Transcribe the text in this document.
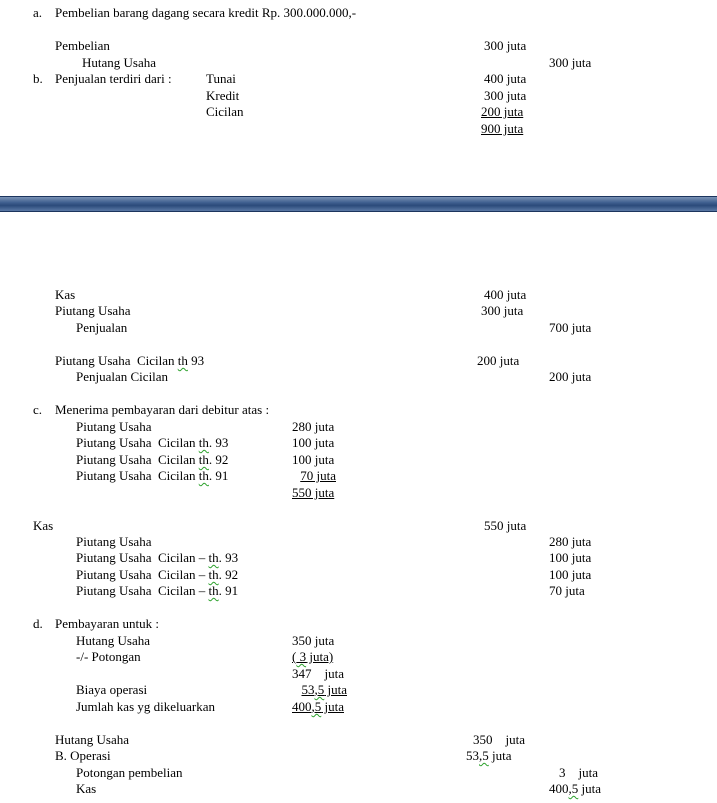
a. Pembelian barang dagang secara kredit Rp. 300.000.000,-
Pembelian	300 juta
Hutang Usaha	300 juta
b. Penjualan terdiri dari :	Tunai	400 juta
Kredit	300 juta
Cicilan	200 juta
900 juta
Kas	400 juta
Piutang Usaha	300 juta
Penjualan	700 juta
Piutang Usaha  Cicilan th 93	200 juta
Penjualan Cicilan	200 juta
c. Menerima pembayaran dari debitur atas :
Piutang Usaha	280 juta
Piutang Usaha  Cicilan th. 93	100 juta
Piutang Usaha  Cicilan th. 92	100 juta
Piutang Usaha  Cicilan th. 91	70 juta
550 juta
Kas	550 juta
Piutang Usaha	280 juta
Piutang Usaha  Cicilan – th. 93	100 juta
Piutang Usaha  Cicilan – th. 92	100 juta
Piutang Usaha  Cicilan – th. 91	70 juta
d. Pembayaran untuk :
Hutang Usaha	350 juta
-/- Potongan	( 3 juta)
347    juta
Biaya operasi	53,5 juta
Jumlah kas yg dikeluarkan	400,5 juta
Hutang Usaha	350    juta
B. Operasi	53,5 juta
Potongan pembelian	3    juta
Kas	400,5 juta
